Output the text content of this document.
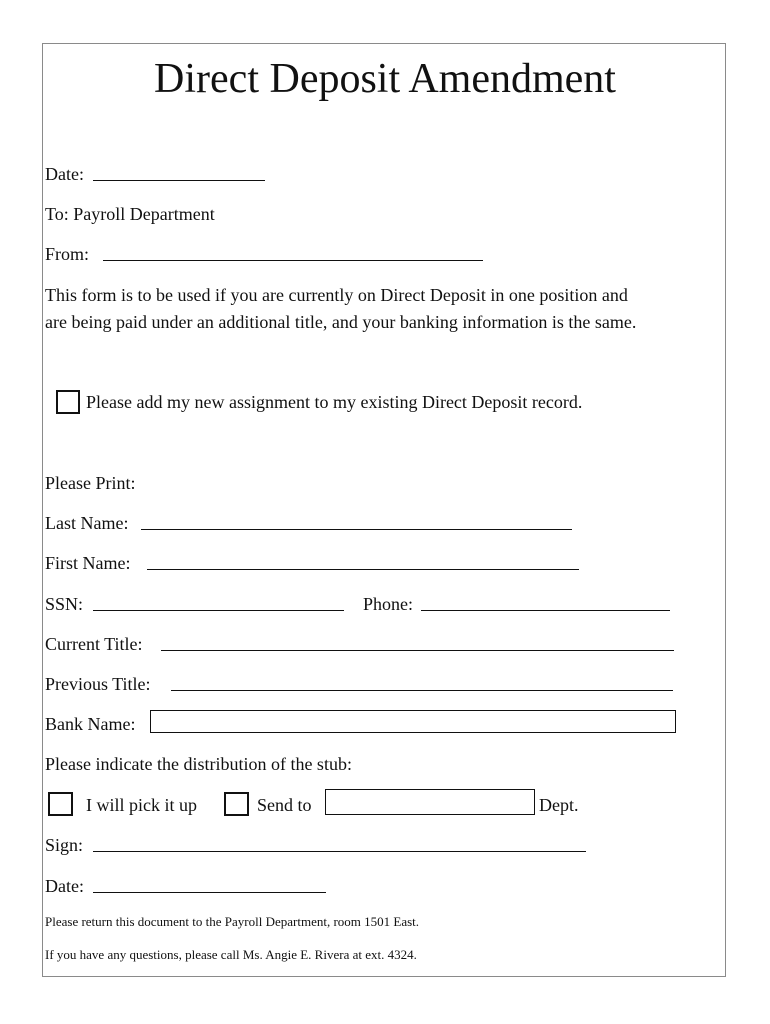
Direct Deposit Amendment
Date:
To: Payroll Department
From:
This form is to be used if you are currently on Direct Deposit in one position and
are being paid under an additional title, and your banking information is the same.
Please add my new assignment to my existing Direct Deposit record.
Please Print:
Last Name:
First Name:
SSN:	Phone:
Current Title:
Previous Title:
Bank Name:
Please indicate the distribution of the stub:
I will pick it up	Send to	Dept.
Sign:
Date:
Please return this document to the Payroll Department, room 1501 East.
If you have any questions, please call Ms. Angie E. Rivera at ext. 4324.
